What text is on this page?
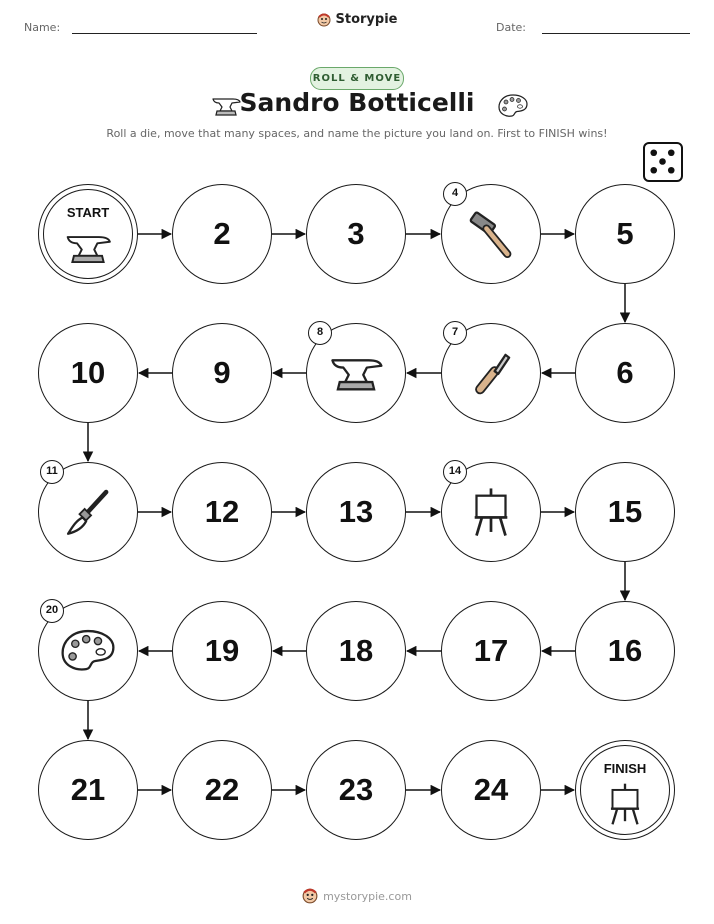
Name:
Storypie
Date:
ROLL & MOVE
Sandro Botticelli
Roll a die, move that many spaces, and name the picture you land on. First to FINISH wins!
START
2	3
4
5
6
7
8
9
10
11
12	13
14
15
16
17
18
19
20
21	22	23	24
FINISH
mystorypie.com
